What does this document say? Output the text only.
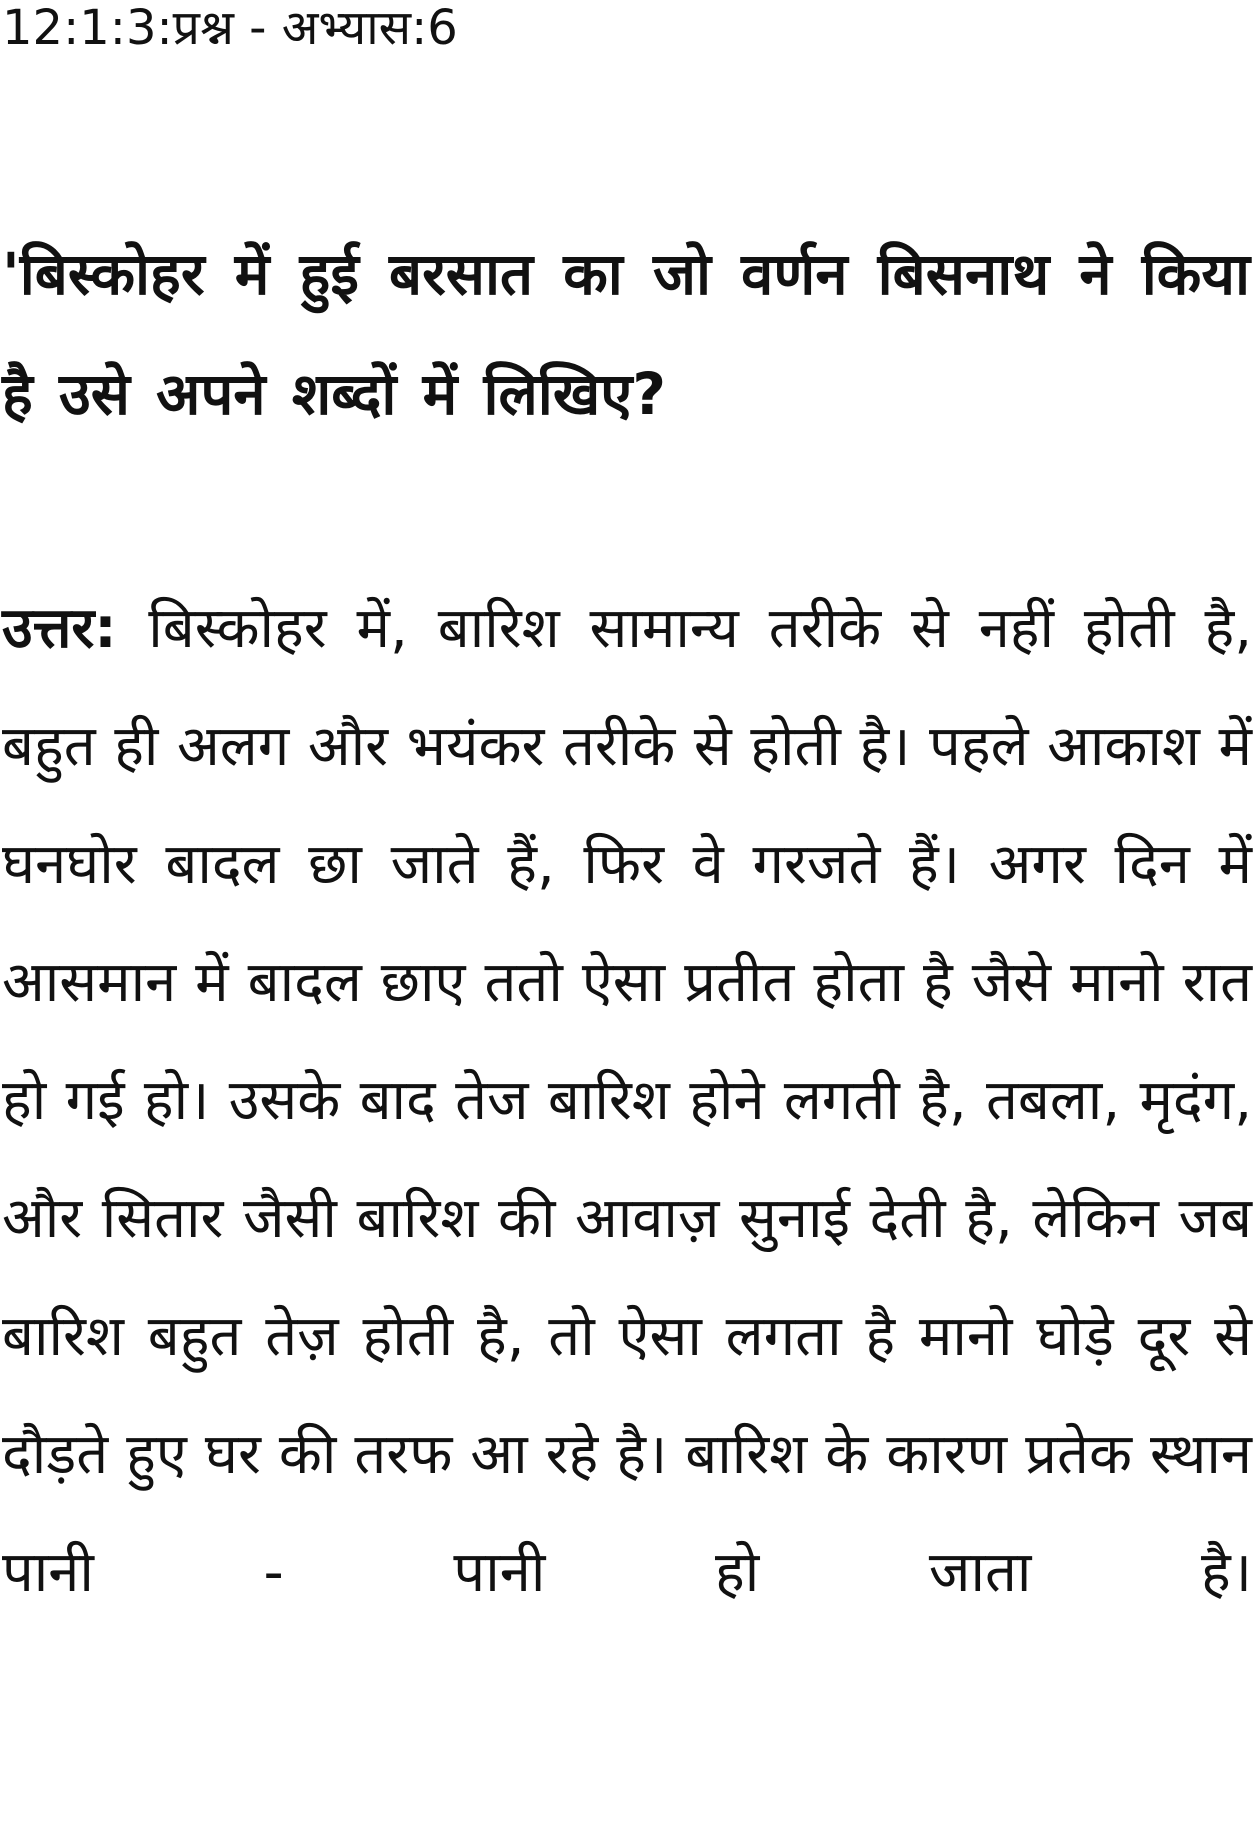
12:1:3:प्रश्न - अभ्यास:6
'बिस्कोहर में हुई बरसात का जो वर्णन बिसनाथ ने किया है उसे अपने शब्दों में लिखिए?
उत्तर: बिस्कोहर में, बारिश सामान्य तरीके से नहीं होती है, बहुत ही अलग और भयंकर तरीके से होती है। पहले आकाश में घनघोर बादल छा जाते हैं, फिर वे गरजते हैं। अगर दिन में आसमान में बादल छाए ततो ऐसा प्रतीत होता है जैसे मानो रात हो गई हो। उसके बाद तेज बारिश होने लगती है, तबला, मृदंग, और सितार जैसी बारिश की आवाज़ सुनाई देती है, लेकिन जब बारिश बहुत तेज़ होती है, तो ऐसा लगता है मानो घोड़े दूर से दौड़ते हुए घर की तरफ आ रहे है। बारिश के कारण प्रतेक स्थान पानी - पानी हो जाता है।
